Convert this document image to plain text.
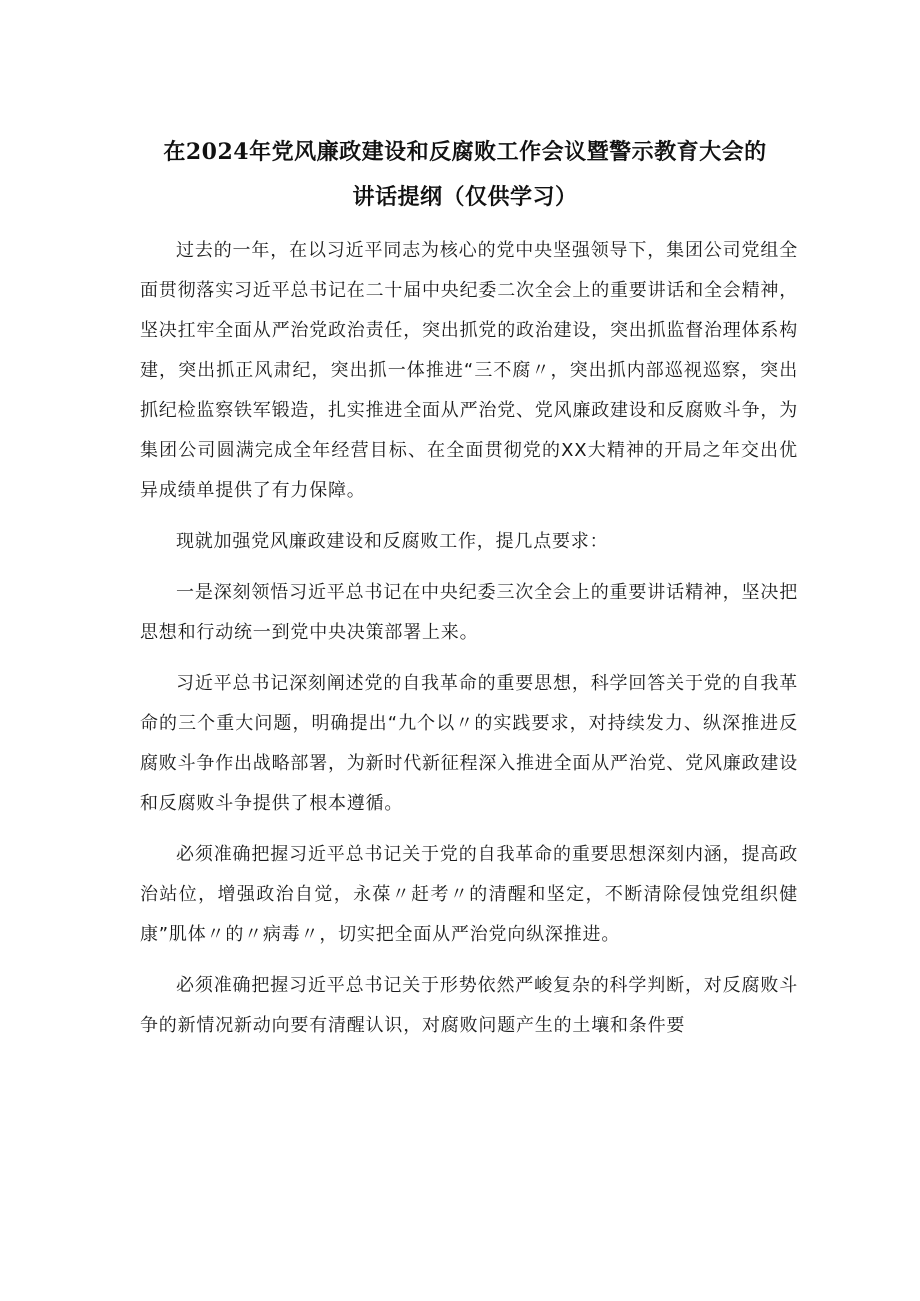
在2024年党风廉政建设和反腐败工作会议暨警示教育大会的
讲话提纲（仅供学习）

过去的一年，在以习近平同志为核心的党中央坚强领导下，集团公司党组全面贯彻落实习近平总书记在二十届中央纪委二次全会上的重要讲话和全会精神，坚决扛牢全面从严治党政治责任，突出抓党的政治建设，突出抓监督治理体系构建，突出抓正风肃纪，突出抓一体推进“三不腐〃，突出抓内部巡视巡察，突出抓纪检监察铁军锻造，扎实推进全面从严治党、党风廉政建设和反腐败斗争，为集团公司圆满完成全年经营目标、在全面贯彻党的XX大精神的开局之年交出优异成绩单提供了有力保障。

现就加强党风廉政建设和反腐败工作，提几点要求：

一是深刻领悟习近平总书记在中央纪委三次全会上的重要讲话精神，坚决把思想和行动统一到党中央决策部署上来。

习近平总书记深刻阐述党的自我革命的重要思想，科学回答关于党的自我革命的三个重大问题，明确提出“九个以〃的实践要求，对持续发力、纵深推进反腐败斗争作出战略部署，为新时代新征程深入推进全面从严治党、党风廉政建设和反腐败斗争提供了根本遵循。

必须准确把握习近平总书记关于党的自我革命的重要思想深刻内涵，提高政治站位，增强政治自觉，永葆〃赶考〃的清醒和坚定，不断清除侵蚀党组织健康”肌体〃的〃病毒〃，切实把全面从严治党向纵深推进。

必须准确把握习近平总书记关于形势依然严峻复杂的科学判断，对反腐败斗争的新情况新动向要有清醒认识，对腐败问题产生的土壤和条件要
